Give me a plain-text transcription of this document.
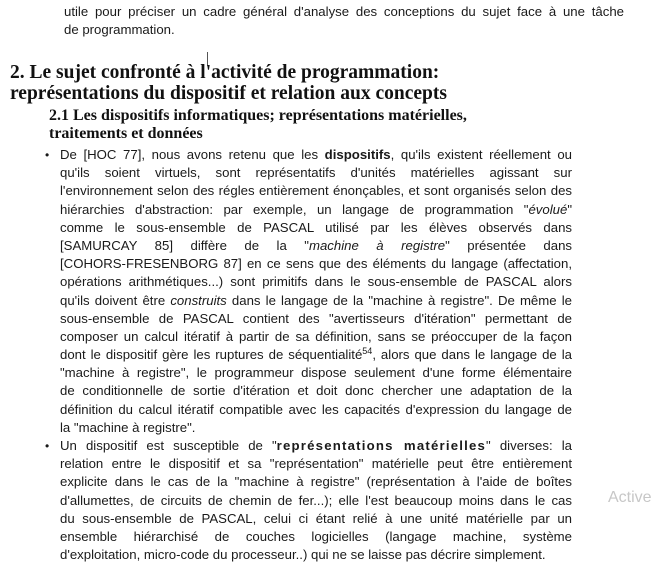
utile pour préciser un cadre général d'analyse des conceptions du sujet face à une tâche
de programmation.

2. Le sujet confronté à l'activité de programmation:
représentations du dispositif et relation aux concepts
2.1 Les dispositifs informatiques; représentations matérielles,
traitements et données
• De [HOC 77], nous avons retenu que les dispositifs, qu'ils existent réellement ou
qu'ils soient virtuels, sont représentatifs d'unités matérielles agissant sur
l'environnement selon des régles entièrement énonçables, et sont organisés selon des
hiérarchies d'abstraction: par exemple, un langage de programmation "évolué"
comme le sous-ensemble de PASCAL utilisé par les élèves observés dans
[SAMURCAY 85] diffère de la "machine à registre" présentée dans
[COHORS-FRESENBORG 87] en ce sens que des éléments du langage (affectation,
opérations arithmétiques...) sont primitifs dans le sous-ensemble de PASCAL alors
qu'ils doivent être construits dans le langage de la "machine à registre". De même le
sous-ensemble de PASCAL contient des "avertisseurs d'itération" permettant de
composer un calcul itératif à partir de sa définition, sans se préoccuper de la façon
dont le dispositif gère les ruptures de séquentialité$^{54}$, alors que dans le langage de la
"machine à registre", le programmeur dispose seulement d'une forme élémentaire
de conditionnelle de sortie d'itération et doit donc chercher une adaptation de la
définition du calcul itératif compatible avec les capacités d'expression du langage de
la "machine à registre".
• Un dispositif est susceptible de "représentations matérielles" diverses: la
relation entre le dispositif et sa "représentation" matérielle peut être entièrement
explicite dans le cas de la "machine à registre" (représentation à l'aide de boîtes
d'allumettes, de circuits de chemin de fer...); elle l'est beaucoup moins dans le cas
du sous-ensemble de PASCAL, celui ci étant relié à une unité matérielle par un
ensemble hiérarchisé de couches logicielles (langage machine, système
d'exploitation, micro-code du processeur..) qui ne se laisse pas décrire simplement.
Active
